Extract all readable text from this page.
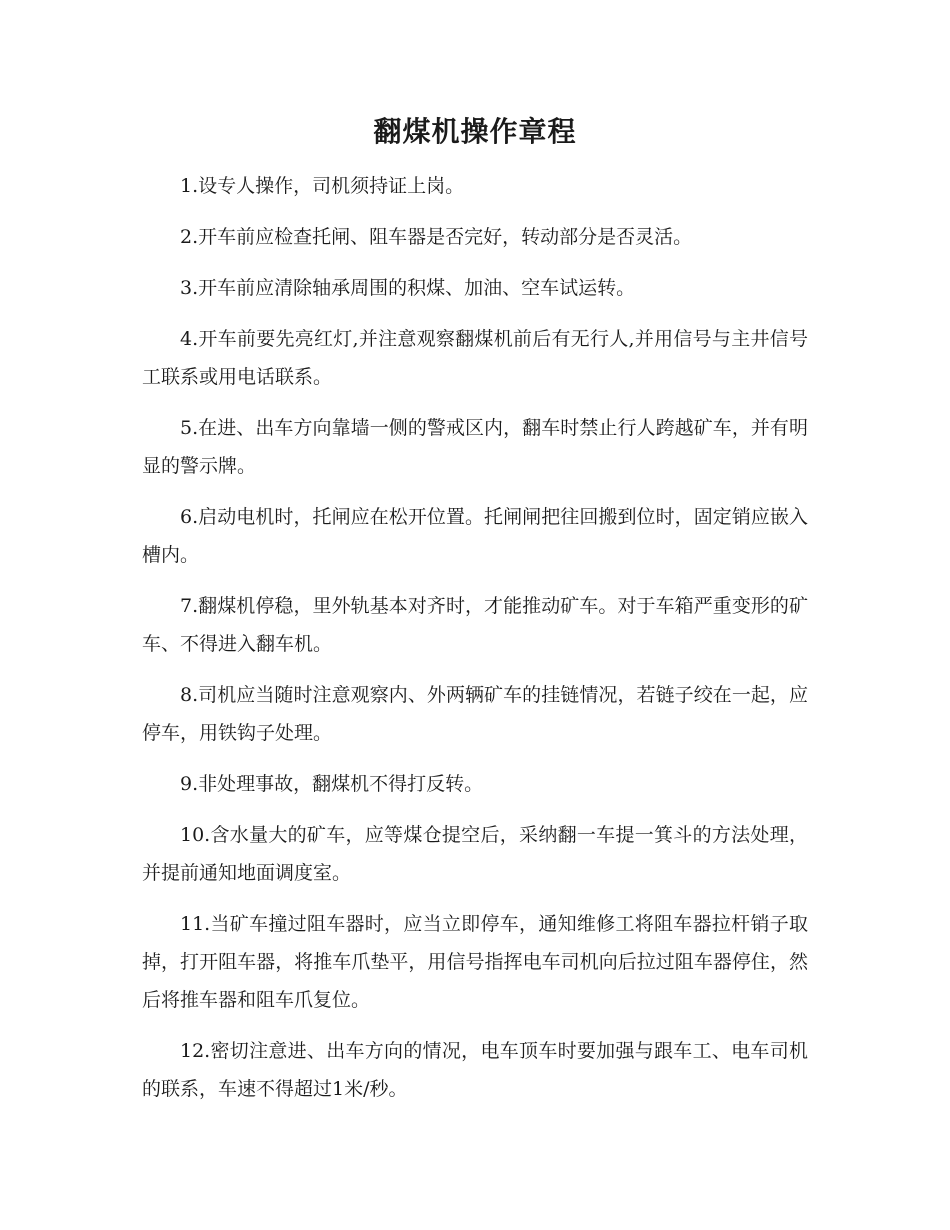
翻煤机操作章程
1.设专人操作，司机须持证上岗。
2.开车前应检查托闸、阻车器是否完好，转动部分是否灵活。
3.开车前应清除轴承周围的积煤、加油、空车试运转。
4.开车前要先亮红灯,并注意观察翻煤机前后有无行人,并用信号与主井信号工联系或用电话联系。
5.在进、出车方向靠墙一侧的警戒区内，翻车时禁止行人跨越矿车，并有明显的警示牌。
6.启动电机时，托闸应在松开位置。托闸闸把往回搬到位时，固定销应嵌入槽内。
7.翻煤机停稳，里外轨基本对齐时，才能推动矿车。对于车箱严重变形的矿车、不得进入翻车机。
8.司机应当随时注意观察内、外两辆矿车的挂链情况，若链子绞在一起，应停车，用铁钩子处理。
9.非处理事故，翻煤机不得打反转。
10.含水量大的矿车，应等煤仓提空后，采纳翻一车提一箕斗的方法处理，并提前通知地面调度室。
11.当矿车撞过阻车器时，应当立即停车，通知维修工将阻车器拉杆销子取掉，打开阻车器，将推车爪垫平，用信号指挥电车司机向后拉过阻车器停住，然后将推车器和阻车爪复位。
12.密切注意进、出车方向的情况，电车顶车时要加强与跟车工、电车司机的联系，车速不得超过1米/秒。
